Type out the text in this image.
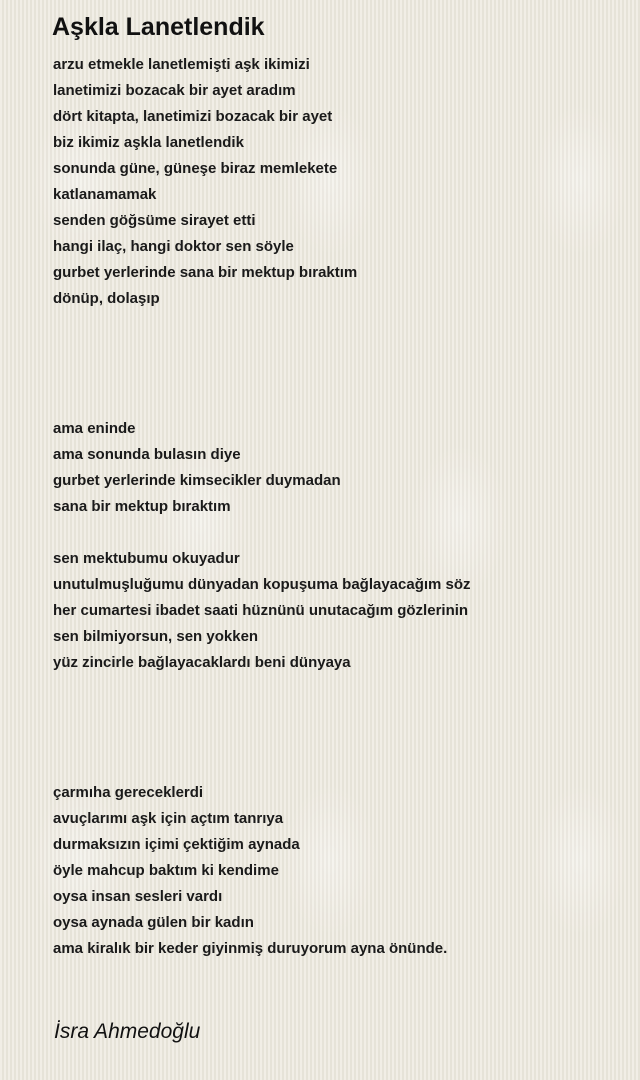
Aşkla Lanetlendik
arzu etmekle lanetlemişti aşk ikimizi
lanetimizi bozacak bir ayet aradım
dört kitapta, lanetimizi bozacak bir ayet
biz ikimiz aşkla lanetlendik
sonunda güne, güneşe biraz memlekete
katlanamamak
senden göğsüme sirayet etti
hangi ilaç, hangi doktor sen söyle
gurbet yerlerinde sana bir mektup bıraktım
dönüp, dolaşıp
ama eninde
ama sonunda bulasın diye
gurbet yerlerinde kimsecikler duymadan
sana bir mektup bıraktım
sen mektubumu okuyadur
unutulmuşluğumu dünyadan kopuşuma bağlayacağım söz
her cumartesi ibadet saati hüznünü unutacağım gözlerinin
sen bilmiyorsun, sen yokken
yüz zincirle bağlayacaklardı beni dünyaya
çarmıha gereceklerdi
avuçlarımı aşk için açtım tanrıya
durmaksızın içimi çektiğim aynada
öyle mahcup baktım ki kendime
oysa insan sesleri vardı
oysa aynada gülen bir kadın
ama kiralık bir keder giyinmiş duruyorum ayna önünde.
İsra Ahmedoğlu
